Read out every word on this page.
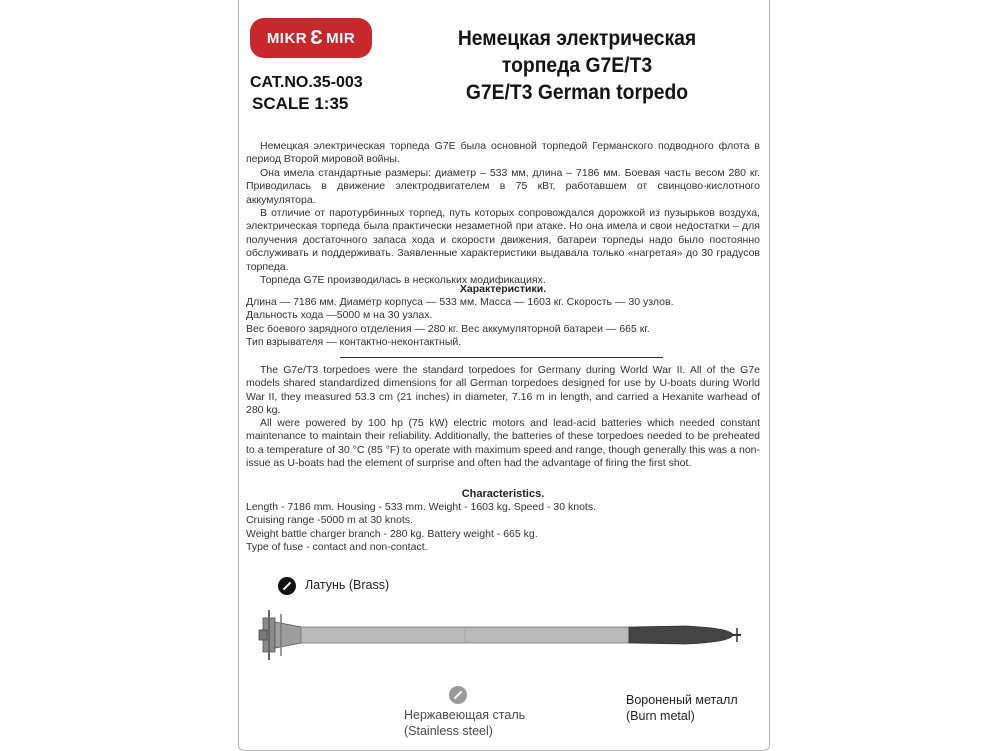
MIKR Ɛ MIR
CAT.NO.35-003
SCALE 1:35
Немецкая электрическая
торпеда G7E/T3
G7E/T3 German torpedo

Немецкая электрическая торпеда G7E была основной торпедой Германского подводного флота в период Второй мировой войны.

Она имела стандартные размеры: диаметр – 533 мм, длина – 7186 мм. Боевая часть весом 280 кг. Приводилась в движение электродвигателем в 75 кВт, работавшем от свинцово-кислотного аккумулятора.

В отличие от паротурбинных торпед, путь которых сопровождался дорожкой из пузырьков воздуха, электрическая торпеда была практически незаметной при атаке. Но она имела и свои недостатки – для получения достаточного запаса хода и скорости движения, батареи торпеды надо было постоянно обслуживать и поддерживать. Заявленные характеристики выдавала только «нагретая» до 30 градусов торпеда.

Торпеда G7E производилась в нескольких модификациях.

Характеристики.
Длина — 7186 мм. Диаметр корпуса — 533 мм. Масса — 1603 кг. Скорость — 30 узлов.
Дальность хода —5000 м на 30 узлах.
Вес боевого зарядного отделения — 280 кг. Вес аккумуляторной батареи — 665 кг.
Тип взрывателя — контактно-неконтактный.

The G7e/T3 torpedoes were the standard torpedoes for Germany during World War II. All of the G7e models shared standardized dimensions for all German torpedoes designed for use by U-boats during World War II, they measured 53.3 cm (21 inches) in diameter, 7.16 m in length, and carried a Hexanite warhead of 280 kg.

All were powered by 100 hp (75 kW) electric motors and lead-acid batteries which needed constant maintenance to maintain their reliability. Additionally, the batteries of these torpedoes needed to be preheated to a temperature of 30 °C (85 °F) to operate with maximum speed and range, though generally this was a non-issue as U-boats had the element of surprise and often had the advantage of firing the first shot.

Characteristics.
Length - 7186 mm. Housing - 533 mm. Weight - 1603 kg. Speed - 30 knots.
Cruising range -5000 m at 30 knots.
Weight battle charger branch - 280 kg. Battery weight - 665 kg.
Type of fuse - contact and non-contact.
Латунь (Brass)
Нержавеющая сталь
(Stainless steel)
Вороненый металл
(Burn metal)
